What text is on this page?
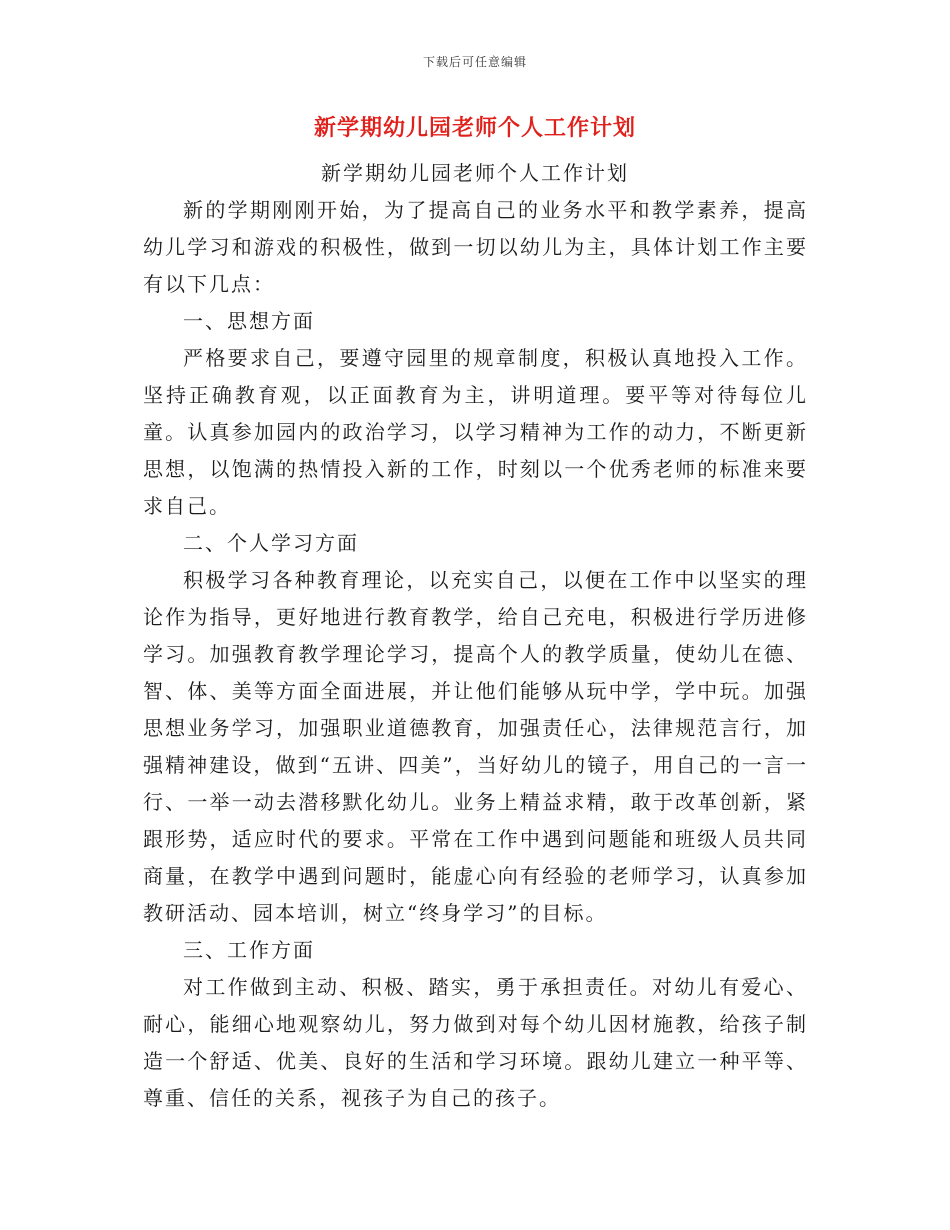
下载后可任意编辑
新学期幼儿园老师个人工作计划
新学期幼儿园老师个人工作计划

新的学期刚刚开始，为了提高自己的业务水平和教学素养，提高幼儿学习和游戏的积极性，做到一切以幼儿为主，具体计划工作主要有以下几点：

一、思想方面

严格要求自己，要遵守园里的规章制度，积极认真地投入工作。坚持正确教育观，以正面教育为主，讲明道理。要平等对待每位儿童。认真参加园内的政治学习，以学习精神为工作的动力，不断更新思想，以饱满的热情投入新的工作，时刻以一个优秀老师的标准来要求自己。

二、个人学习方面

积极学习各种教育理论，以充实自己，以便在工作中以坚实的理论作为指导，更好地进行教育教学，给自己充电，积极进行学历进修学习。加强教育教学理论学习，提高个人的教学质量，使幼儿在德、智、体、美等方面全面进展，并让他们能够从玩中学，学中玩。加强思想业务学习，加强职业道德教育，加强责任心，法律规范言行，加强精神建设，做到“五讲、四美”，当好幼儿的镜子，用自己的一言一行、一举一动去潜移默化幼儿。业务上精益求精，敢于改革创新，紧跟形势，适应时代的要求。平常在工作中遇到问题能和班级人员共同商量，在教学中遇到问题时，能虚心向有经验的老师学习，认真参加教研活动、园本培训，树立“终身学习”的目标。

三、工作方面

对工作做到主动、积极、踏实，勇于承担责任。对幼儿有爱心、耐心，能细心地观察幼儿，努力做到对每个幼儿因材施教，给孩子制造一个舒适、优美、良好的生活和学习环境。跟幼儿建立一种平等、尊重、信任的关系，视孩子为自己的孩子。
